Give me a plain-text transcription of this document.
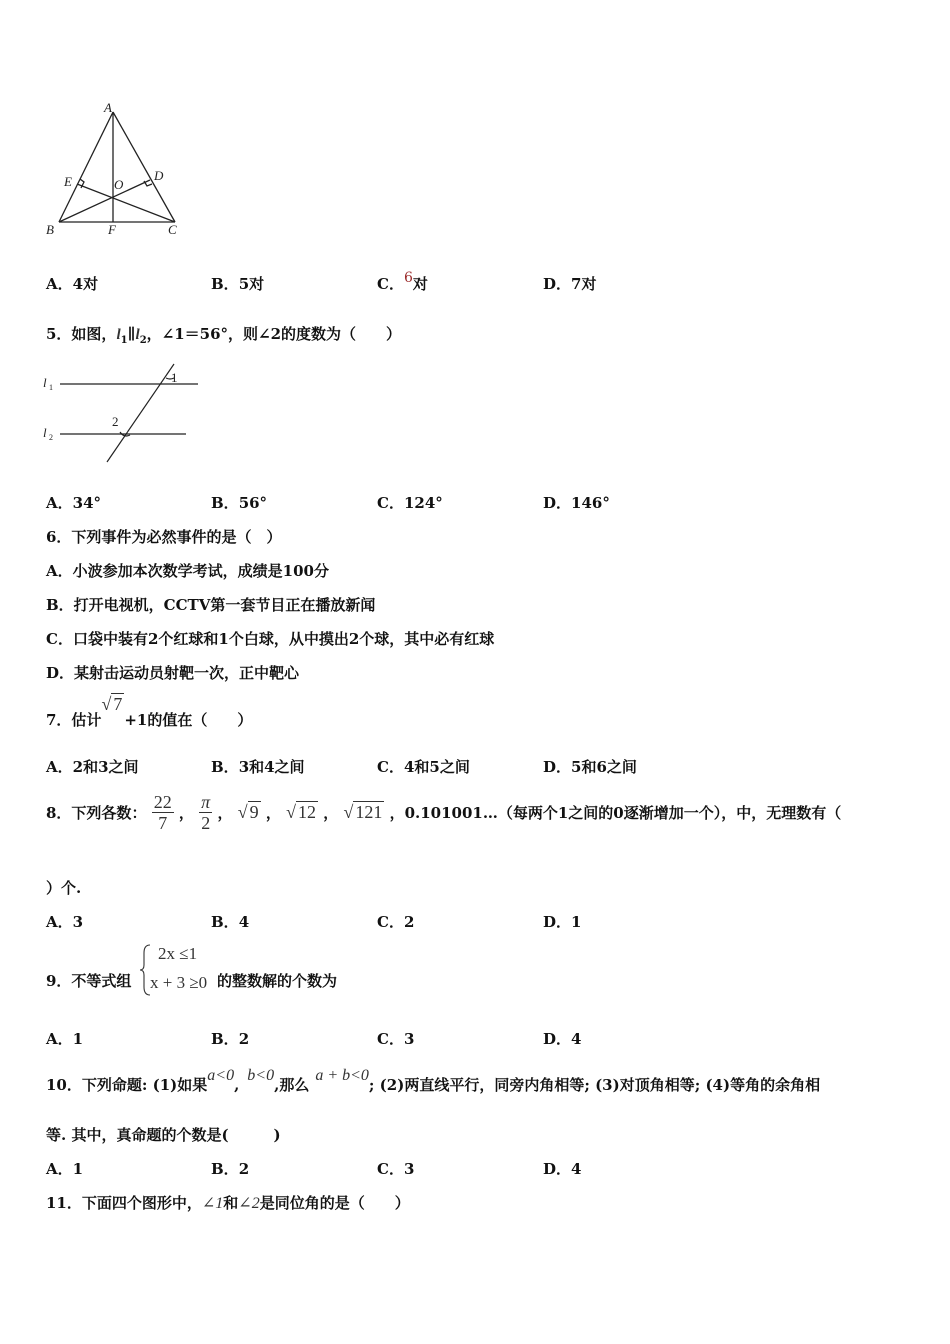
A
B	C
D
E
F
O
A．4对	B．5对	C．6对	D．7对
5．如图，$l_1\parallel l_2$，∠1＝56°，则∠2的度数为（　　）
l 1
l 2
1
2
A．34°	B．56°	C．124°	D．146°
6．下列事件为必然事件的是（　）
A．小波参加本次数学考试，成绩是100分
B．打开电视机，CCTV第一套节目正在播放新闻
C．口袋中装有2个红球和1个白球，从中摸出2个球，其中必有红球
D．某射击运动员射靶一次，正中靶心
7．估计√ 7+1的值在（　　）
A．2和3之间	B．3和4之间	C．4和5之间	D．5和6之间
8．下列各数： $\frac{22}{7}$ ， $\frac{\pi}{2}$ ， √ 9 ， √ 12 ， √ 121 ，0.101001…（每两个1之间的0逐渐增加一个），中，无理数有（
）个.
A．3	B．4	C．2	D．1
9．不等式组
2x ≤1
x + 3 ≥0 的整数解的个数为
A．1	B．2	C．3	D．4
10．下列命题: (1)如果a<0,b<0,那么a + b<0; (2)两直线平行，同旁内角相等; (3)对顶角相等; (4)等角的余角相
等. 其中，真命题的个数是(　　　)
A．1	B．2	C．3	D．4
11．下面四个图形中，∠1和∠2是同位角的是（　　）
